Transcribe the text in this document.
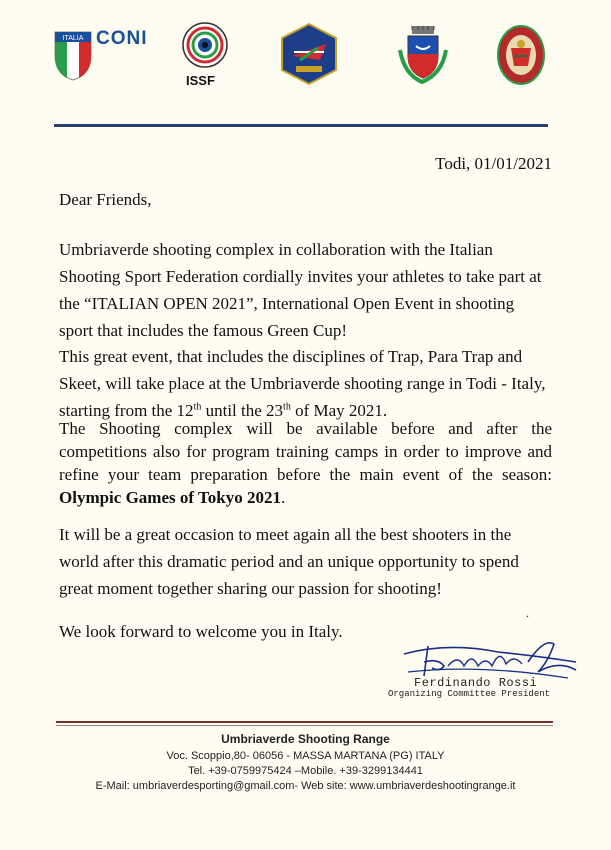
ITALIA CONI
ISSF
Todi, 01/01/2021
Dear Friends,
Umbriaverde shooting complex in collaboration with the Italian Shooting Sport Federation cordially invites your athletes to take part at the “ITALIAN OPEN 2021”, International Open Event in shooting sport that includes the famous Green Cup!
This great event, that includes the disciplines of Trap, Para Trap and Skeet, will take place at the Umbriaverde shooting range in Todi - Italy, starting from the 12th until the 23th of May 2021.
The Shooting complex will be available before and after the competitions also for program training camps in order to improve and refine your team preparation before the main event of the season: Olympic Games of Tokyo 2021.
It will be a great occasion to meet again all the best shooters in the world after this dramatic period and an unique opportunity to spend great moment together sharing our passion for shooting!
.
We look forward to welcome you in Italy.
Ferdinando Rossi
Organizing Committee President
Umbriaverde Shooting Range
Voc. Scoppio,80- 06056 - MASSA MARTANA (PG) ITALY
Tel. +39-0759975424 –Mobile. +39-3299134441
E-Mail: umbriaverdesporting@gmail.com- Web site: www.umbriaverdeshootingrange.it
